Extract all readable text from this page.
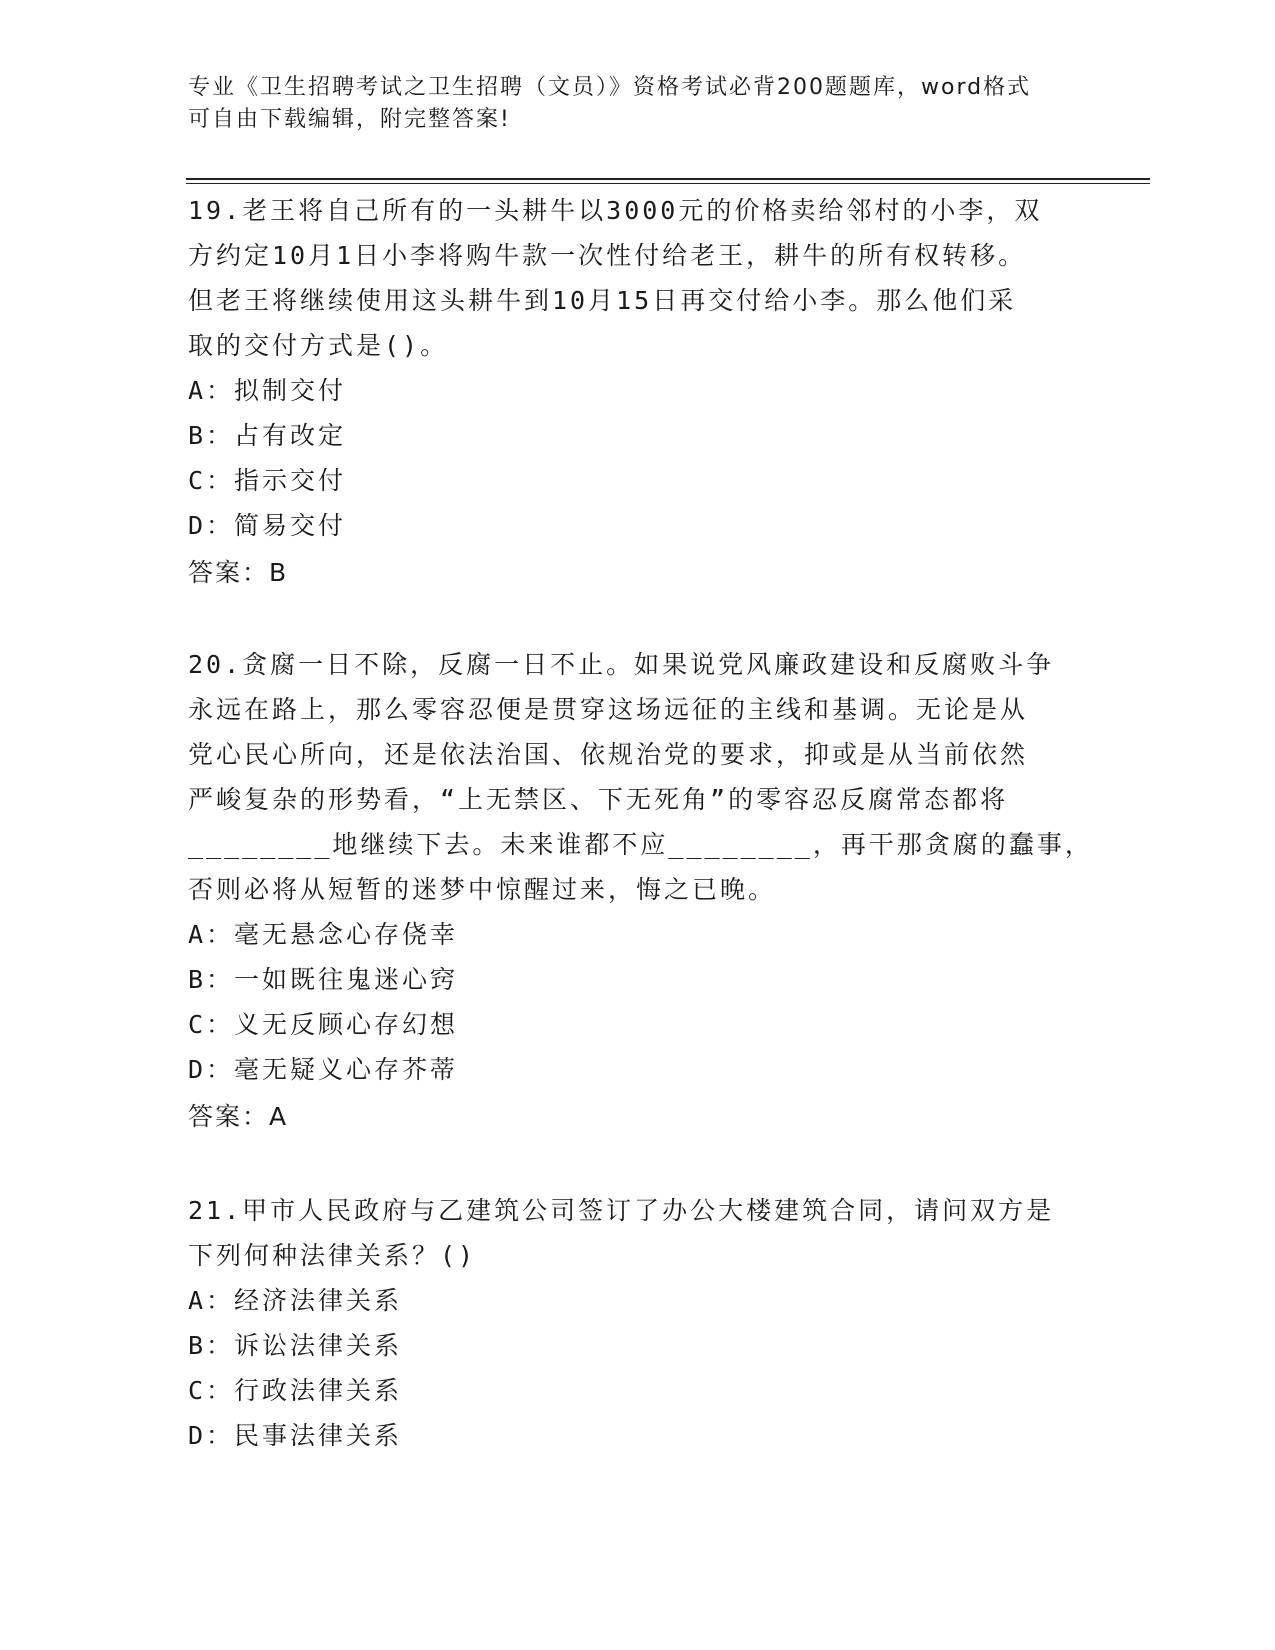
专业《卫生招聘考试之卫生招聘（文员）》资格考试必背200题题库，word格式
可自由下载编辑，附完整答案!
19.老王将自己所有的一头耕牛以3000元的价格卖给邻村的小李，双
方约定10月1日小李将购牛款一次性付给老王，耕牛的所有权转移。
但老王将继续使用这头耕牛到10月15日再交付给小李。那么他们采
取的交付方式是()。
A：拟制交付
B：占有改定
C：指示交付
D：简易交付
答案：B
20.贪腐一日不除，反腐一日不止。如果说党风廉政建设和反腐败斗争
永远在路上，那么零容忍便是贯穿这场远征的主线和基调。无论是从
党心民心所向，还是依法治国、依规治党的要求，抑或是从当前依然
严峻复杂的形势看，“上无禁区、下无死角”的零容忍反腐常态都将
________地继续下去。未来谁都不应________，再干那贪腐的蠢事，
否则必将从短暂的迷梦中惊醒过来，悔之已晚。
A：毫无悬念心存侥幸
B：一如既往鬼迷心窍
C：义无反顾心存幻想
D：毫无疑义心存芥蒂
答案：A
21.甲市人民政府与乙建筑公司签订了办公大楼建筑合同，请问双方是
下列何种法律关系？()
A：经济法律关系
B：诉讼法律关系
C：行政法律关系
D：民事法律关系
